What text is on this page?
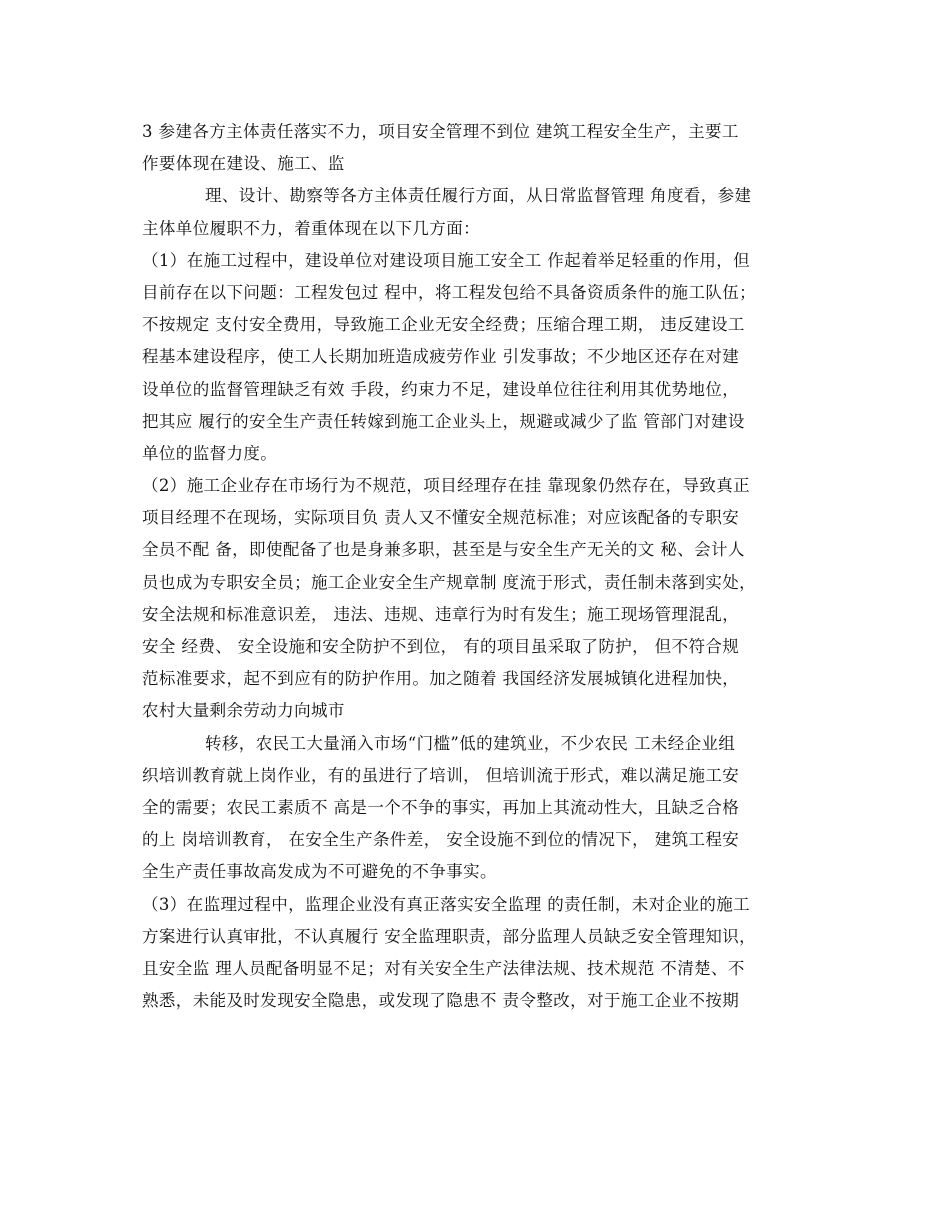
3 参建各方主体责任落实不力，项目安全管理不到位 建筑工程安全生产，主要工
作要体现在建设、施工、监
理、设计、勘察等各方主体责任履行方面，从日常监督管理 角度看，参建
主体单位履职不力，着重体现在以下几方面：
（1）在施工过程中，建设单位对建设项目施工安全工 作起着举足轻重的作用，但
目前存在以下问题：工程发包过 程中，将工程发包给不具备资质条件的施工队伍；
不按规定 支付安全费用，导致施工企业无安全经费；压缩合理工期， 违反建设工
程基本建设程序，使工人长期加班造成疲劳作业 引发事故；不少地区还存在对建
设单位的监督管理缺乏有效 手段，约束力不足，建设单位往往利用其优势地位，
把其应 履行的安全生产责任转嫁到施工企业头上，规避或减少了监 管部门对建设
单位的监督力度。
（2）施工企业存在市场行为不规范，项目经理存在挂 靠现象仍然存在，导致真正
项目经理不在现场，实际项目负 责人又不懂安全规范标准；对应该配备的专职安
全员不配 备，即使配备了也是身兼多职，甚至是与安全生产无关的文 秘、会计人
员也成为专职安全员；施工企业安全生产规章制 度流于形式，责任制未落到实处，
安全法规和标准意识差， 违法、违规、违章行为时有发生；施工现场管理混乱，
安全 经费、 安全设施和安全防护不到位， 有的项目虽采取了防护， 但不符合规
范标准要求，起不到应有的防护作用。加之随着 我国经济发展城镇化进程加快，
农村大量剩余劳动力向城市
转移，农民工大量涌入市场“门槛”低的建筑业，不少农民 工未经企业组
织培训教育就上岗作业，有的虽进行了培训， 但培训流于形式，难以满足施工安
全的需要；农民工素质不 高是一个不争的事实，再加上其流动性大，且缺乏合格
的上 岗培训教育， 在安全生产条件差， 安全设施不到位的情况下， 建筑工程安
全生产责任事故高发成为不可避免的不争事实。
（3）在监理过程中，监理企业没有真正落实安全监理 的责任制，未对企业的施工
方案进行认真审批，不认真履行 安全监理职责，部分监理人员缺乏安全管理知识，
且安全监 理人员配备明显不足；对有关安全生产法律法规、技术规范 不清楚、不
熟悉，未能及时发现安全隐患，或发现了隐患不 责令整改，对于施工企业不按期
